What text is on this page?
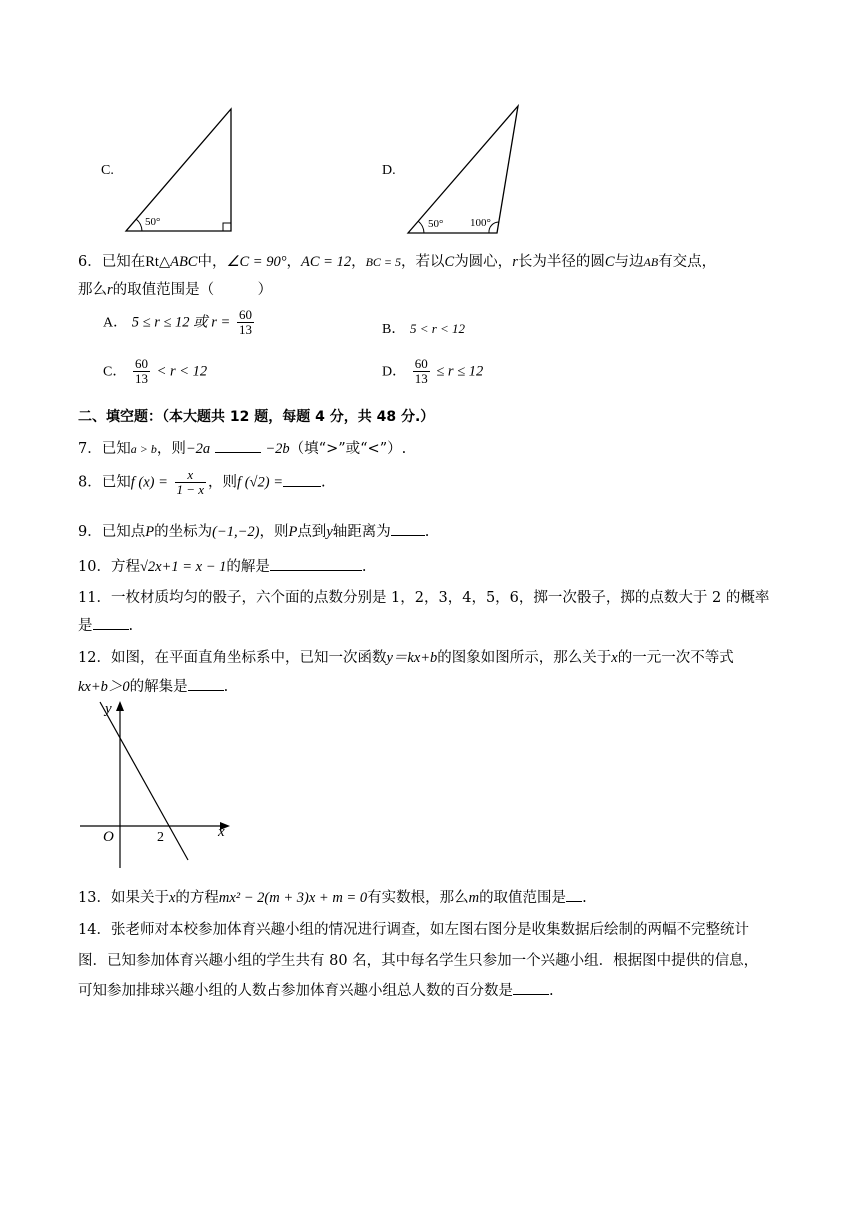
C.
50°
D.
50° 100°
6．已知在Rt△ABC中，∠C = 90°，AC = 12，BC = 5，若以C为圆心，r长为半径的圆C与边AB有交点，
那么r的取值范围是（　　　）
A． 5 ≤ r ≤ 12 或 $r = \frac{60}{13}$	B． 5 < r < 12
C． $\frac{60}{13} < r < 12$	D． $\frac{60}{13} \le r \le 12$
二、填空题：（本大题共 12 题，每题 4 分，共 48 分.）
7．已知a > b，则−2a	−2b（填“>”或“<”）.
8．已知f $(x) = \frac{x}{1 - x}$ ，则f (√2) =	.
9．已知点P的坐标为(−1,−2)，则P点到y轴距离为 .
10．方程√2x+1 = x − 1的解是	.
11．一枚材质均匀的骰子，六个面的点数分别是 1，2，3，4，5，6，掷一次骰子，掷的点数大于 2 的概率
是 .
12．如图，在平面直角坐标系中，已知一次函数y＝kx+b的图象如图所示，那么关于x的一元一次不等式
kx+b＞0的解集是 .
y
x
O	2
13．如果关于x的方程mx² − 2(m + 3)x + m = 0有实数根，那么m的取值范围是 .
14．张老师对本校参加体育兴趣小组的情况进行调查，如左图右图分是收集数据后绘制的两幅不完整统计
图．已知参加体育兴趣小组的学生共有 80 名，其中每名学生只参加一个兴趣小组．根据图中提供的信息，
可知参加排球兴趣小组的人数占参加体育兴趣小组总人数的百分数是 .
